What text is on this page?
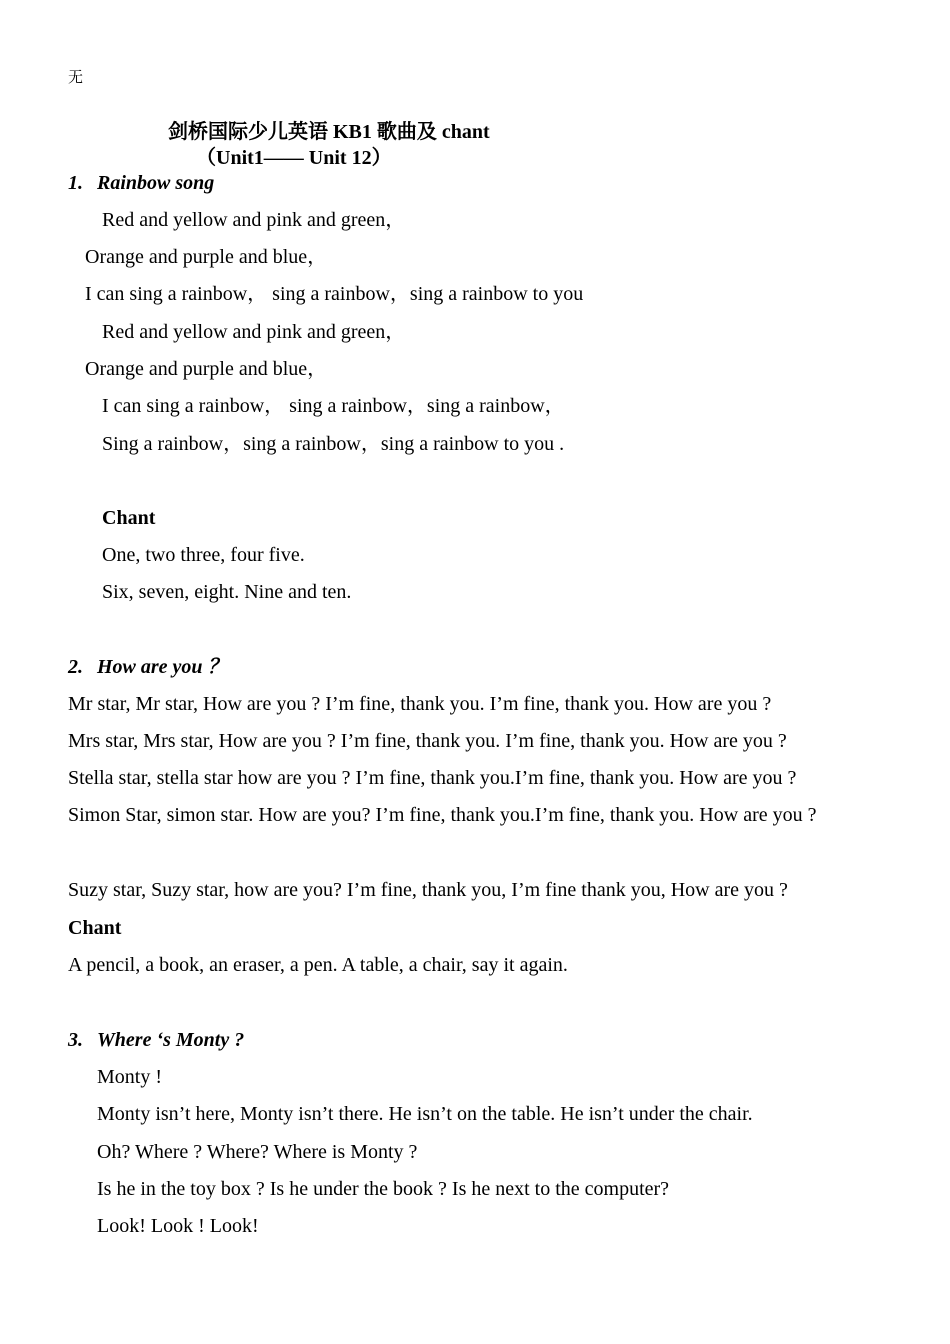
无
剑桥国际少儿英语 KB1 歌曲及 chant
（Unit1—— Unit 12）
1. Rainbow song
Red and yellow and pink and green，
Orange and purple and blue，
I can sing a rainbow， sing a rainbow，sing a rainbow to you
Red and yellow and pink and green，
Orange and purple and blue，
I can sing a rainbow， sing a rainbow，sing a rainbow，
Sing a rainbow，sing a rainbow，sing a rainbow to you .
Chant
One, two three, four five.
Six, seven, eight. Nine and ten.
2. How are you ？
Mr star, Mr star, How are you ? I’m fine, thank you. I’m fine, thank you. How are you ?
Mrs star, Mrs star, How are you ? I’m fine, thank you. I’m fine, thank you. How are you ?
Stella star, stella star how are you ? I’m fine, thank you.I’m fine, thank you. How are you ?
Simon Star, simon star. How are you? I’m fine, thank you.I’m fine, thank you. How are you ?
Suzy star, Suzy star, how are you? I’m fine, thank you, I’m fine thank you, How are you ?
Chant
A pencil, a book, an eraser, a pen. A table, a chair, say it again.
3. Where ‘s Monty ?
Monty !
Monty isn’t here, Monty isn’t there. He isn’t on the table. He isn’t under the chair.
Oh? Where ? Where? Where is Monty ?
Is he in the toy box ? Is he under the book ? Is he next to the computer?
Look! Look ! Look!
